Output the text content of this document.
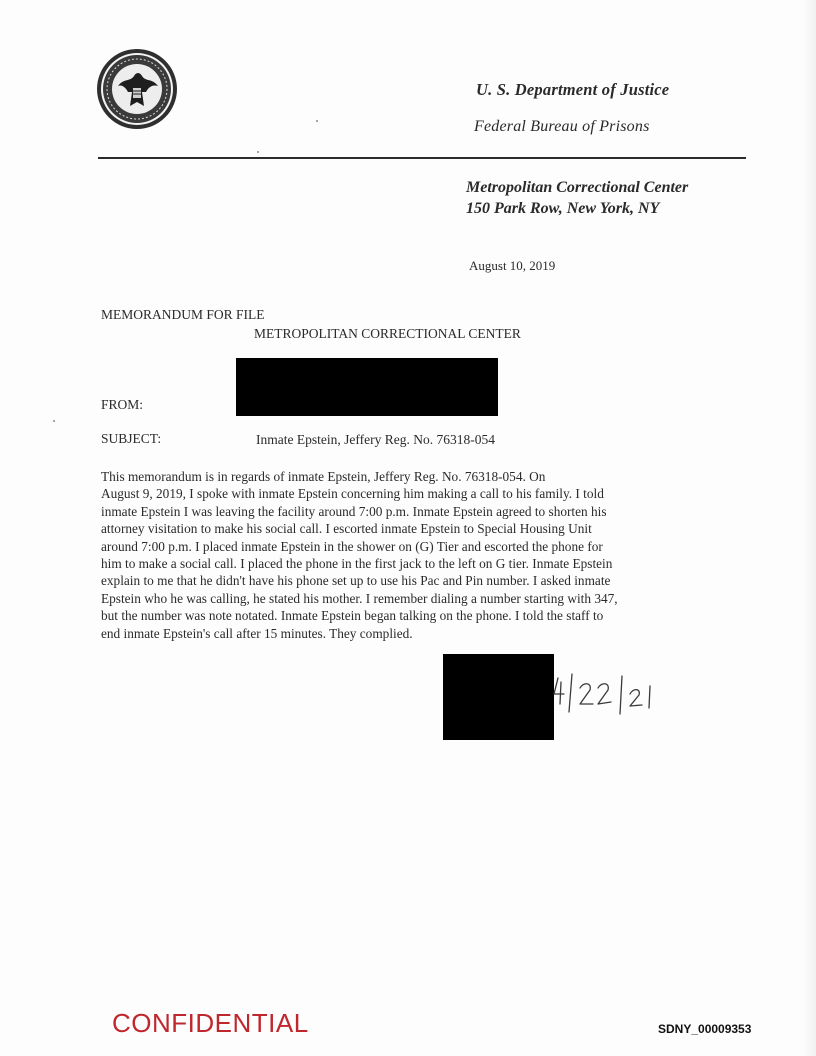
U. S. Department of Justice
Federal Bureau of Prisons
Metropolitan Correctional Center
150 Park Row, New York, NY
August 10, 2019
MEMORANDUM FOR FILE
METROPOLITAN CORRECTIONAL CENTER
FROM:
SUBJECT:	Inmate Epstein, Jeffery Reg. No. 76318-054
This memorandum is in regards of inmate Epstein, Jeffery Reg. No. 76318-054. On
August 9, 2019, I spoke with inmate Epstein concerning him making a call to his family. I told
inmate Epstein I was leaving the facility around 7:00 p.m. Inmate Epstein agreed to shorten his
attorney visitation to make his social call. I escorted inmate Epstein to Special Housing Unit
around 7:00 p.m. I placed inmate Epstein in the shower on (G) Tier and escorted the phone for
him to make a social call. I placed the phone in the first jack to the left on G tier. Inmate Epstein
explain to me that he didn't have his phone set up to use his Pac and Pin number. I asked inmate
Epstein who he was calling, he stated his mother. I remember dialing a number starting with 347,
but the number was note notated. Inmate Epstein began talking on the phone. I told the staff to
end inmate Epstein's call after 15 minutes. They complied.
CONFIDENTIAL	SDNY_00009353
